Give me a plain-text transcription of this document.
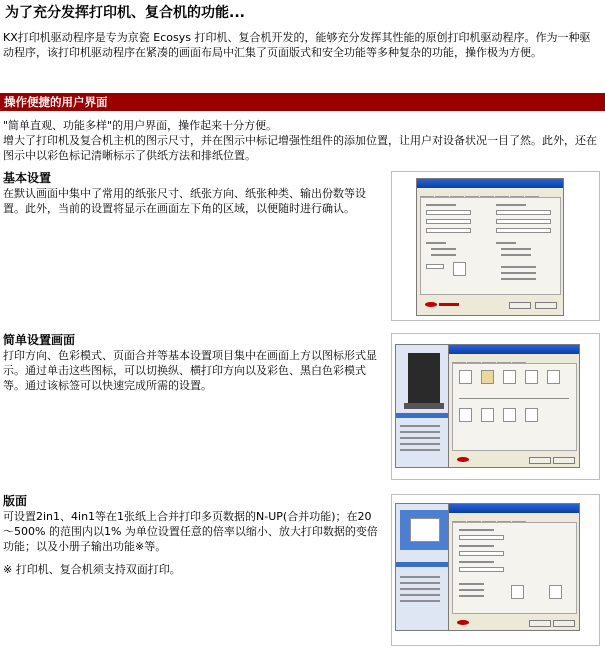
为了充分发挥打印机、复合机的功能...
KX打印机驱动程序是专为京瓷 Ecosys 打印机、复合机开发的，能够充分发挥其性能的原创打印机驱动程序。作为一种驱动程序，该打印机驱动程序在紧凑的画面布局中汇集了页面版式和安全功能等多种复杂的功能，操作极为方便。
操作便捷的用户界面
"简单直观、功能多样"的用户界面，操作起来十分方便。
增大了打印机及复合机主机的图示尺寸，并在图示中标记增强性组件的添加位置，让用户对设备状况一目了然。此外，还在图示中以彩色标记清晰标示了供纸方法和排纸位置。
基本设置
在默认画面中集中了常用的纸张尺寸、纸张方向、纸张种类、输出份数等设置。此外，当前的设置将显示在画面左下角的区域，以便随时进行确认。
简单设置画面
打印方向、色彩模式、页面合并等基本设置项目集中在画面上方以图标形式显示。通过单击这些图标，可以切换纵、横打印方向以及彩色、黑白色彩模式等。通过该标签可以快速完成所需的设置。
版面
可设置2in1、4in1等在1张纸上合并打印多页数据的N-UP(合并功能)；在20～500% 的范围内以1% 为单位设置任意的倍率以缩小、放大打印数据的变倍功能；以及小册子输出功能※等。
※ 打印机、复合机须支持双面打印。
